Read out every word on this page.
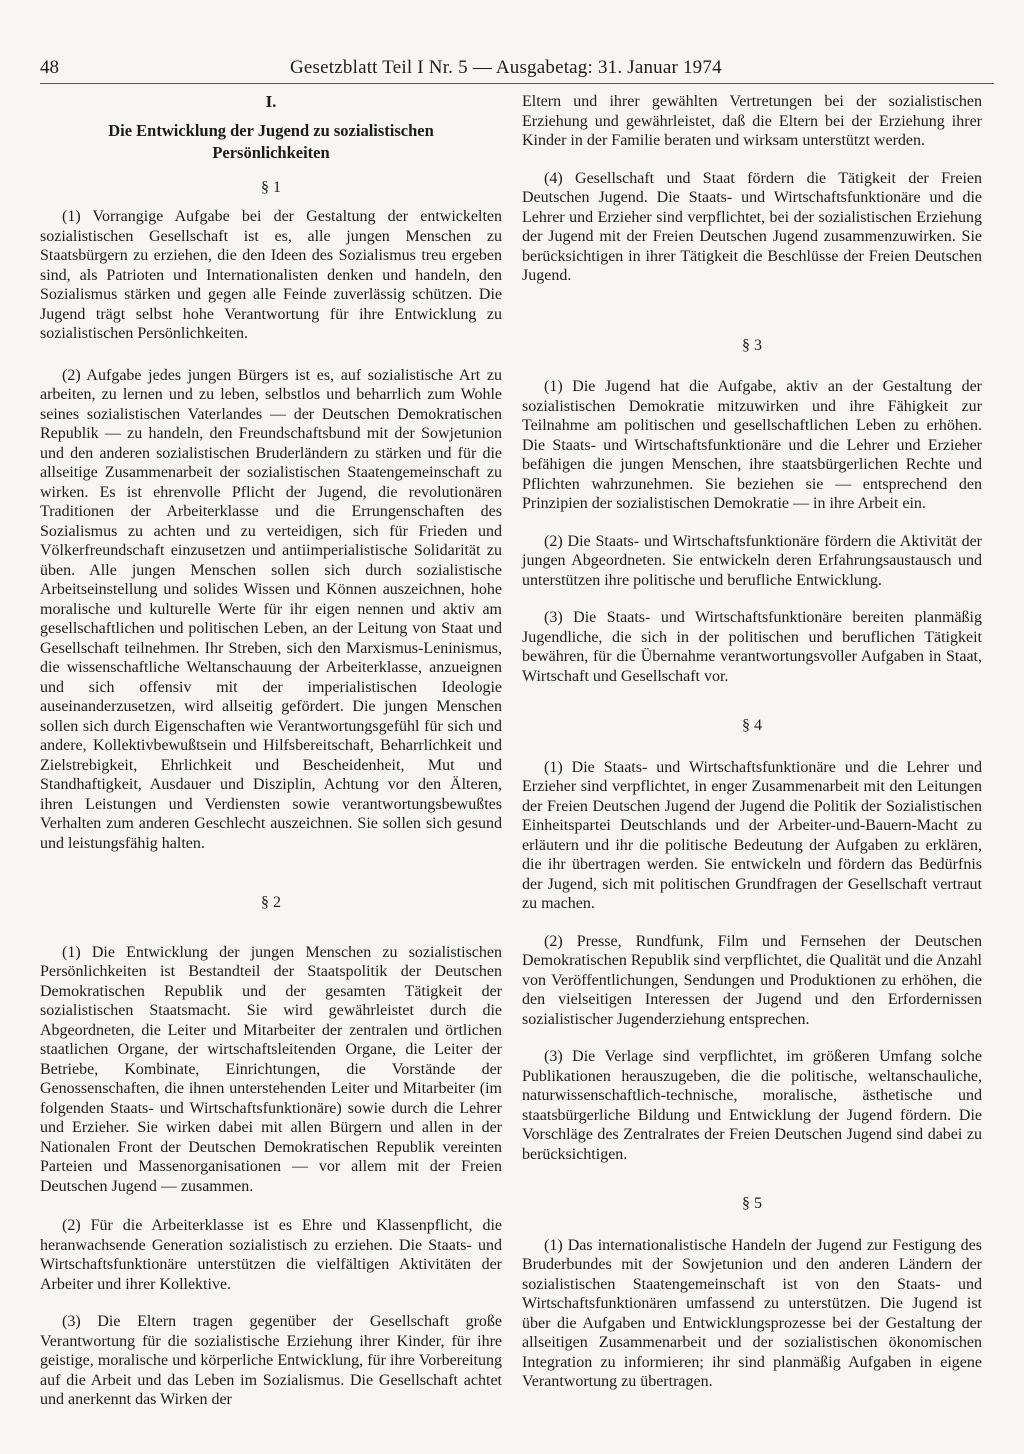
48	Gesetzblatt Teil I Nr. 5 — Ausgabetag: 31. Januar 1974
I.
Die Entwicklung der Jugend zu sozialistischen
Persönlichkeiten
§ 1

(1) Vorrangige Aufgabe bei der Gestaltung der entwickelten sozialistischen Gesellschaft ist es, alle jungen Menschen zu Staatsbürgern zu erziehen, die den Ideen des Sozialismus treu ergeben sind, als Patrioten und Internationalisten denken und handeln, den Sozialismus stärken und gegen alle Feinde zuverlässig schützen. Die Jugend trägt selbst hohe Verantwortung für ihre Entwicklung zu sozialistischen Persönlichkeiten.

(2) Aufgabe jedes jungen Bürgers ist es, auf sozialistische Art zu arbeiten, zu lernen und zu leben, selbstlos und beharrlich zum Wohle seines sozialistischen Vaterlandes — der Deutschen Demokratischen Republik — zu handeln, den Freundschaftsbund mit der Sowjetunion und den anderen sozialistischen Bruderländern zu stärken und für die allseitige Zusammenarbeit der sozialistischen Staatengemeinschaft zu wirken. Es ist ehrenvolle Pflicht der Jugend, die revolutionären Traditionen der Arbeiterklasse und die Errungenschaften des Sozialismus zu achten und zu verteidigen, sich für Frieden und Völkerfreundschaft einzusetzen und antiimperialistische Solidarität zu üben. Alle jungen Menschen sollen sich durch sozialistische Arbeitseinstellung und solides Wissen und Können auszeichnen, hohe moralische und kulturelle Werte für ihr eigen nennen und aktiv am gesellschaftlichen und politischen Leben, an der Leitung von Staat und Gesellschaft teilnehmen. Ihr Streben, sich den Marxismus-Leninismus, die wissenschaftliche Weltanschauung der Arbeiterklasse, anzueignen und sich offensiv mit der imperialistischen Ideologie auseinanderzusetzen, wird allseitig gefördert. Die jungen Menschen sollen sich durch Eigenschaften wie Verantwortungsgefühl für sich und andere, Kollektivbewußtsein und Hilfsbereitschaft, Beharrlichkeit und Zielstrebigkeit, Ehrlichkeit und Bescheidenheit, Mut und Standhaftigkeit, Ausdauer und Disziplin, Achtung vor den Älteren, ihren Leistungen und Verdiensten sowie verantwortungsbewußtes Verhalten zum anderen Geschlecht auszeichnen. Sie sollen sich gesund und leistungsfähig halten.

§ 2

(1) Die Entwicklung der jungen Menschen zu sozialistischen Persönlichkeiten ist Bestandteil der Staatspolitik der Deutschen Demokratischen Republik und der gesamten Tätigkeit der sozialistischen Staatsmacht. Sie wird gewährleistet durch die Abgeordneten, die Leiter und Mitarbeiter der zentralen und örtlichen staatlichen Organe, der wirtschaftsleitenden Organe, die Leiter der Betriebe, Kombinate, Einrichtungen, die Vorstände der Genossenschaften, die ihnen unterstehenden Leiter und Mitarbeiter (im folgenden Staats- und Wirtschaftsfunktionäre) sowie durch die Lehrer und Erzieher. Sie wirken dabei mit allen Bürgern und allen in der Nationalen Front der Deutschen Demokratischen Republik vereinten Parteien und Massenorganisationen — vor allem mit der Freien Deutschen Jugend — zusammen.

(2) Für die Arbeiterklasse ist es Ehre und Klassenpflicht, die heranwachsende Generation sozialistisch zu erziehen. Die Staats- und Wirtschaftsfunktionäre unterstützen die vielfältigen Aktivitäten der Arbeiter und ihrer Kollektive.

(3) Die Eltern tragen gegenüber der Gesellschaft große Verantwortung für die sozialistische Erziehung ihrer Kinder, für ihre geistige, moralische und körperliche Entwicklung, für ihre Vorbereitung auf die Arbeit und das Leben im Sozialismus. Die Gesellschaft achtet und anerkennt das Wirken der

Eltern und ihrer gewählten Vertretungen bei der sozialistischen Erziehung und gewährleistet, daß die Eltern bei der Erziehung ihrer Kinder in der Familie beraten und wirksam unterstützt werden.

(4) Gesellschaft und Staat fördern die Tätigkeit der Freien Deutschen Jugend. Die Staats- und Wirtschaftsfunktionäre und die Lehrer und Erzieher sind verpflichtet, bei der sozialistischen Erziehung der Jugend mit der Freien Deutschen Jugend zusammenzuwirken. Sie berücksichtigen in ihrer Tätigkeit die Beschlüsse der Freien Deutschen Jugend.

§ 3

(1) Die Jugend hat die Aufgabe, aktiv an der Gestaltung der sozialistischen Demokratie mitzuwirken und ihre Fähigkeit zur Teilnahme am politischen und gesellschaftlichen Leben zu erhöhen. Die Staats- und Wirtschaftsfunktionäre und die Lehrer und Erzieher befähigen die jungen Menschen, ihre staatsbürgerlichen Rechte und Pflichten wahrzunehmen. Sie beziehen sie — entsprechend den Prinzipien der sozialistischen Demokratie — in ihre Arbeit ein.

(2) Die Staats- und Wirtschaftsfunktionäre fördern die Aktivität der jungen Abgeordneten. Sie entwickeln deren Erfahrungsaustausch und unterstützen ihre politische und berufliche Entwicklung.

(3) Die Staats- und Wirtschaftsfunktionäre bereiten planmäßig Jugendliche, die sich in der politischen und beruflichen Tätigkeit bewähren, für die Übernahme verantwortungsvoller Aufgaben in Staat, Wirtschaft und Gesellschaft vor.

§ 4

(1) Die Staats- und Wirtschaftsfunktionäre und die Lehrer und Erzieher sind verpflichtet, in enger Zusammenarbeit mit den Leitungen der Freien Deutschen Jugend der Jugend die Politik der Sozialistischen Einheitspartei Deutschlands und der Arbeiter-und-Bauern-Macht zu erläutern und ihr die politische Bedeutung der Aufgaben zu erklären, die ihr übertragen werden. Sie entwickeln und fördern das Bedürfnis der Jugend, sich mit politischen Grundfragen der Gesellschaft vertraut zu machen.

(2) Presse, Rundfunk, Film und Fernsehen der Deutschen Demokratischen Republik sind verpflichtet, die Qualität und die Anzahl von Veröffentlichungen, Sendungen und Produktionen zu erhöhen, die den vielseitigen Interessen der Jugend und den Erfordernissen sozialistischer Jugenderziehung entsprechen.

(3) Die Verlage sind verpflichtet, im größeren Umfang solche Publikationen herauszugeben, die die politische, weltanschauliche, naturwissenschaftlich-technische, moralische, ästhetische und staatsbürgerliche Bildung und Entwicklung der Jugend fördern. Die Vorschläge des Zentralrates der Freien Deutschen Jugend sind dabei zu berücksichtigen.

§ 5

(1) Das internationalistische Handeln der Jugend zur Festigung des Bruderbundes mit der Sowjetunion und den anderen Ländern der sozialistischen Staatengemeinschaft ist von den Staats- und Wirtschaftsfunktionären umfassend zu unterstützen. Die Jugend ist über die Aufgaben und Entwicklungsprozesse bei der Gestaltung der allseitigen Zusammenarbeit und der sozialistischen ökonomischen Integration zu informieren; ihr sind planmäßig Aufgaben in eigene Verantwortung zu übertragen.
